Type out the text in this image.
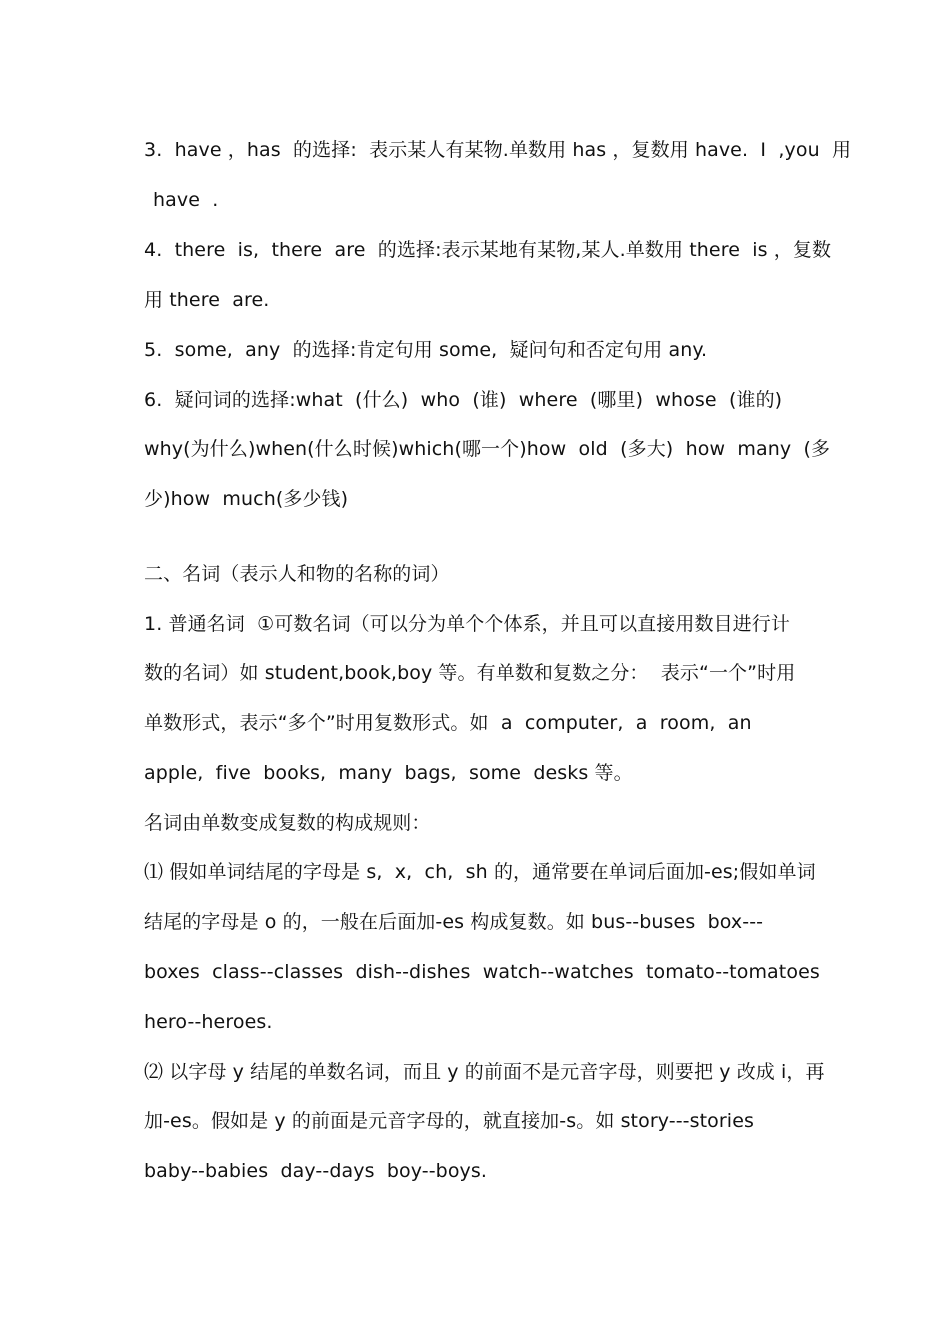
3.  have ，has  的选择:  表示某人有某物.单数用 has ，复数用 have.  I  ,you  用
have  .
4.  there  is,  there  are  的选择:表示某地有某物,某人.单数用 there  is ，复数
用 there  are.
5.  some,  any  的选择:肯定句用 some,  疑问句和否定句用 any.
6.  疑问词的选择:what  (什么)  who  (谁)  where  (哪里)  whose  (谁的)
why(为什么)when(什么时候)which(哪一个)how  old  (多大)  how  many  (多
少)how  much(多少钱)
二、名词（表示人和物的名称的词）
1. 普通名词  ①可数名词（可以分为单个个体系，并且可以直接用数目进行计
数的名词）如 student,book,boy 等。有单数和复数之分：  表示“一个”时用
单数形式，表示“多个”时用复数形式。如  a  computer,  a  room,  an
apple,  five  books,  many  bags,  some  desks 等。
名词由单数变成复数的构成规则：
⑴ 假如单词结尾的字母是 s,  x,  ch,  sh 的，通常要在单词后面加-es;假如单词
结尾的字母是 o 的，一般在后面加-es 构成复数。如 bus--buses  box---
boxes  class--classes  dish--dishes  watch--watches  tomato--tomatoes
hero--heroes.
⑵ 以字母 y 结尾的单数名词，而且 y 的前面不是元音字母，则要把 y 改成 i，再
加-es。假如是 y 的前面是元音字母的，就直接加-s。如 story---stories
baby--babies  day--days  boy--boys.
